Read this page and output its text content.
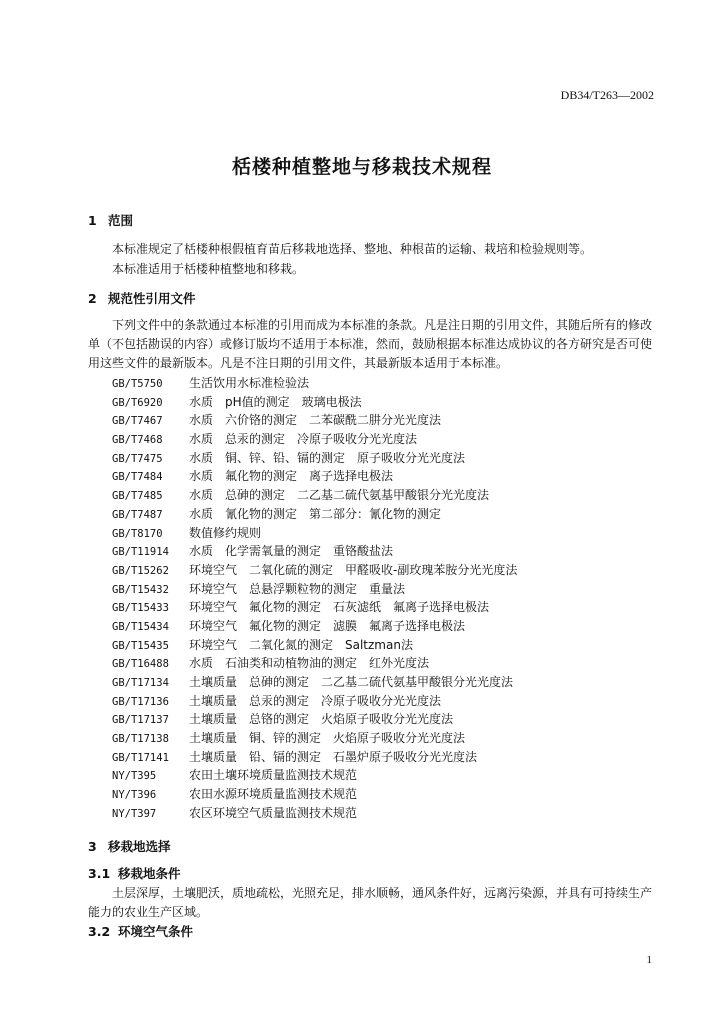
DB34/T263—2002
栝楼种植整地与移栽技术规程
1 范围
本标准规定了栝楼种根假植育苗后移栽地选择、整地、种根苗的运输、栽培和检验规则等。
本标准适用于栝楼种植整地和移栽。
2 规范性引用文件
下列文件中的条款通过本标准的引用而成为本标准的条款。凡是注日期的引用文件，其随后所有的修改单（不包括勘误的内容）或修订版均不适用于本标准，然而，鼓励根据本标准达成协议的各方研究是否可使用这些文件的最新版本。凡是不注日期的引用文件，其最新版本适用于本标准。
GB/T5750 生活饮用水标准检验法
GB/T6920 水质　pH值的测定　玻璃电极法
GB/T7467 水质　六价铬的测定　二苯碳酰二肼分光光度法
GB/T7468 水质　总汞的测定　冷原子吸收分光光度法
GB/T7475 水质　铜、锌、铅、镉的测定　原子吸收分光光度法
GB/T7484 水质　氟化物的测定　离子选择电极法
GB/T7485 水质　总砷的测定　二乙基二硫代氨基甲酸银分光光度法
GB/T7487 水质　氰化物的测定　第二部分：氰化物的测定
GB/T8170 数值修约规则
GB/T11914 水质　化学需氧量的测定　重铬酸盐法
GB/T15262 环境空气　二氧化硫的测定　甲醛吸收-副玫瑰苯胺分光光度法
GB/T15432 环境空气　总悬浮颗粒物的测定　重量法
GB/T15433 环境空气　氟化物的测定　石灰滤纸　氟离子选择电极法
GB/T15434 环境空气　氟化物的测定　滤膜　氟离子选择电极法
GB/T15435 环境空气　二氧化氮的测定　Saltzman法
GB/T16488 水质　石油类和动植物油的测定　红外光度法
GB/T17134 土壤质量　总砷的测定　二乙基二硫代氨基甲酸银分光光度法
GB/T17136 土壤质量　总汞的测定　冷原子吸收分光光度法
GB/T17137 土壤质量　总铬的测定　火焰原子吸收分光光度法
GB/T17138 土壤质量　铜、锌的测定　火焰原子吸收分光光度法
GB/T17141 土壤质量　铅、镉的测定　石墨炉原子吸收分光光度法
NY/T395	农田土壤环境质量监测技术规范
NY/T396	农田水源环境质量监测技术规范
NY/T397	农区环境空气质量监测技术规范
3 移栽地选择
3.1 移栽地条件
土层深厚，土壤肥沃，质地疏松，光照充足，排水顺畅，通风条件好，远离污染源，并具有可持续生产能力的农业生产区域。
3.2 环境空气条件
1
